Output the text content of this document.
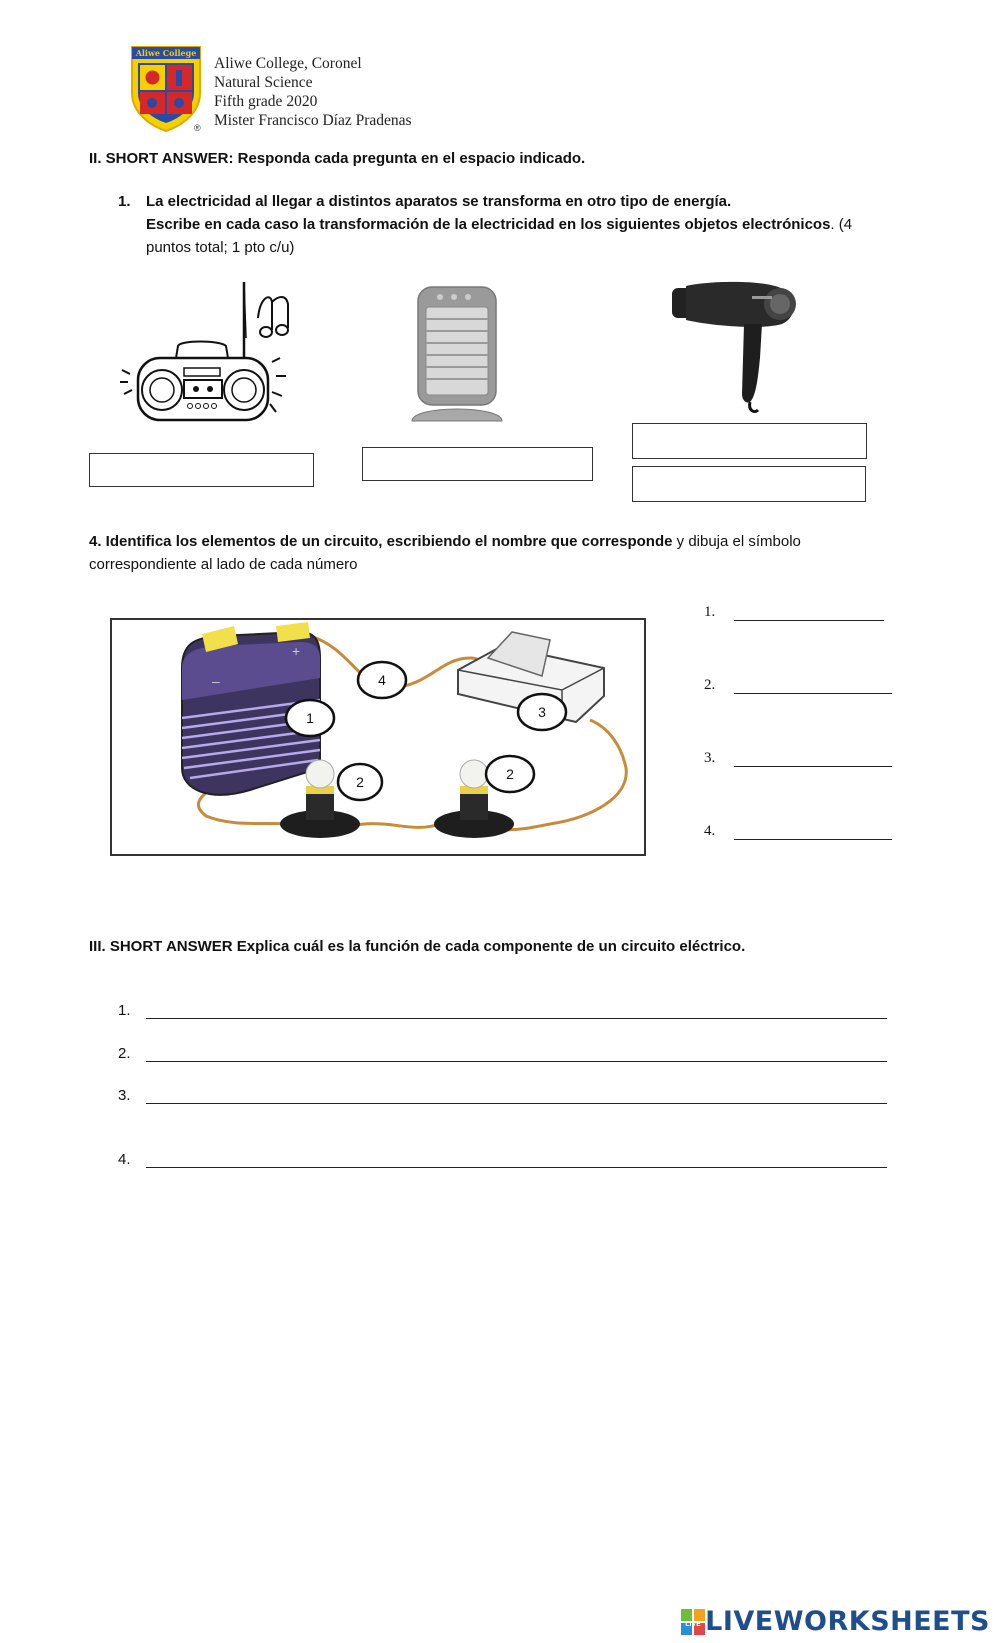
Aliwe College
®
Aliwe College, Coronel
Natural Science
Fifth grade 2020
Mister Francisco Díaz Pradenas
II. SHORT ANSWER: Responda cada pregunta en el espacio indicado.
1. La electricidad al llegar a distintos aparatos se transforma en otro tipo de energía.
Escribe en cada caso la transformación de la electricidad en los siguientes objetos electrónicos. (4
puntos total; 1 pto c/u)
4. Identifica los elementos de un circuito, escribiendo el nombre que corresponde y dibuja el símbolo
correspondiente al lado de cada número
–
+
1
2	2
3
4
1.
2.
3.
4.
III. SHORT ANSWER Explica cuál es la función de cada componente de un circuito eléctrico.
1.
2.
3.
4.
LIVE LIVEWORKSHEETS
